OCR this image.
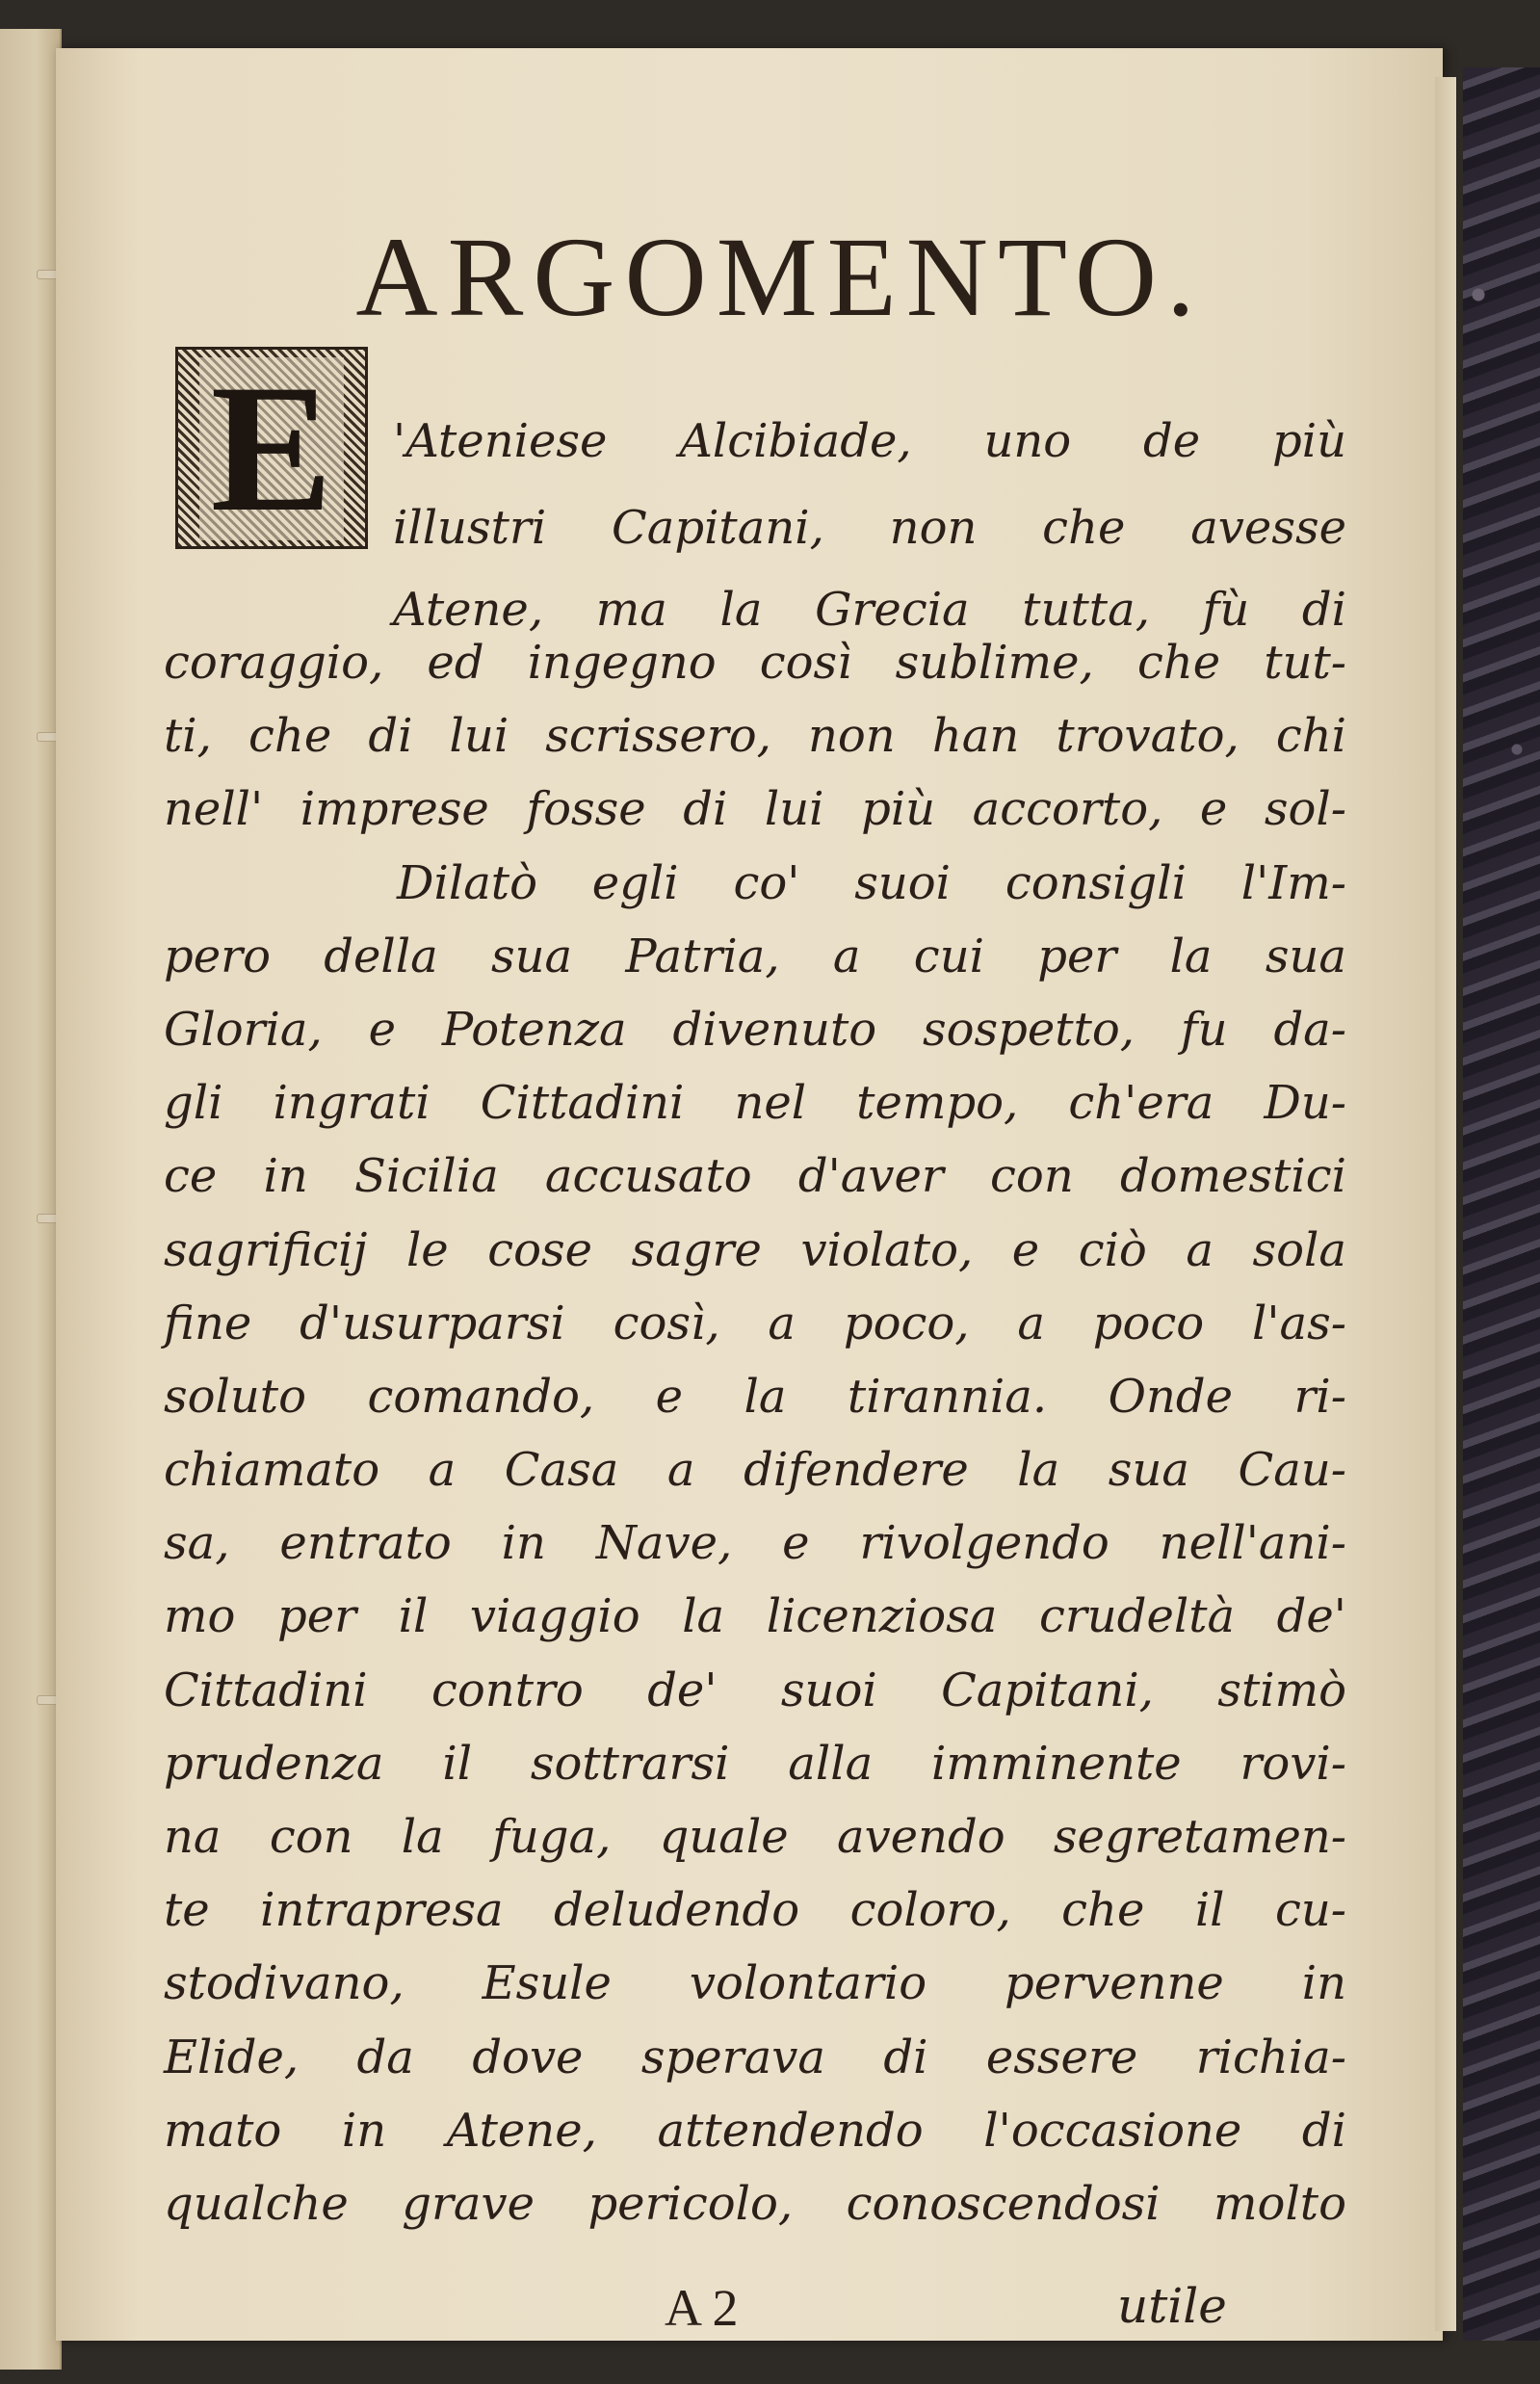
ARGOMENTO.
E 'Ateniese Alcibiade, uno de più
illustri Capitani, non che avesse
Atene, ma la Grecia tutta, fù di
coraggio, ed ingegno così sublime, che tut-
ti, che di lui scrissero, non han trovato, chi
nell' imprese fosse di lui più accorto, e sol-
Dilatò egli co' suoi consigli l'Im-
pero della sua Patria, a cui per la sua
Gloria, e Potenza divenuto sospetto, fu da-
gli ingrati Cittadini nel tempo, ch'era Du-
ce in Sicilia accusato d'aver con domestici
sagrificij le cose sagre violato, e ciò a sola
fine d'usurparsi così, a poco, a poco l'as-
soluto comando, e la tirannia. Onde ri-
chiamato a Casa a difendere la sua Cau-
sa, entrato in Nave, e rivolgendo nell'ani-
mo per il viaggio la licenziosa crudeltà de'
Cittadini contro de' suoi Capitani, stimò
prudenza il sottrarsi alla imminente rovi-
na con la fuga, quale avendo segretamen-
te intrapresa deludendo coloro, che il cu-
stodivano, Esule volontario pervenne in
Elide, da dove sperava di essere richia-
A 2	utile
mato in Atene, attendendo l'occasione di
qualche grave pericolo, conoscendosi molto
